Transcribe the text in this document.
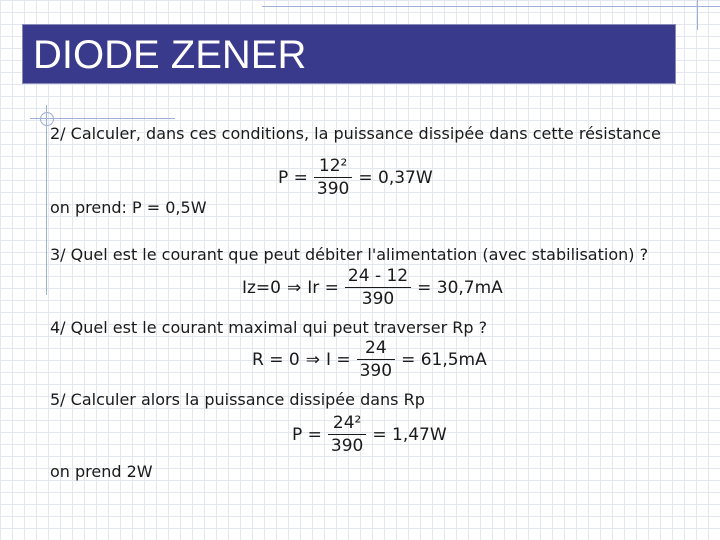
DIODE ZENER
2/ Calculer, dans ces conditions, la puissance dissipée dans cette résistance
$P = \frac{\text{12²}}{390} = 0,37W$
on prend: P = 0,5W
3/ Quel est le courant que peut débiter l'alimentation (avec stabilisation) ?
Iz=0 ⇒ $Ir = \frac{24 - 12}{390} = 30,7mA$
4/ Quel est le courant maximal qui peut traverser Rp ?
R = 0 ⇒ $I = \frac{24}{390} = 61,5mA$
5/ Calculer alors la puissance dissipée dans Rp
$P = \frac{\text{24²}}{390} = 1,47W$
on prend 2W
